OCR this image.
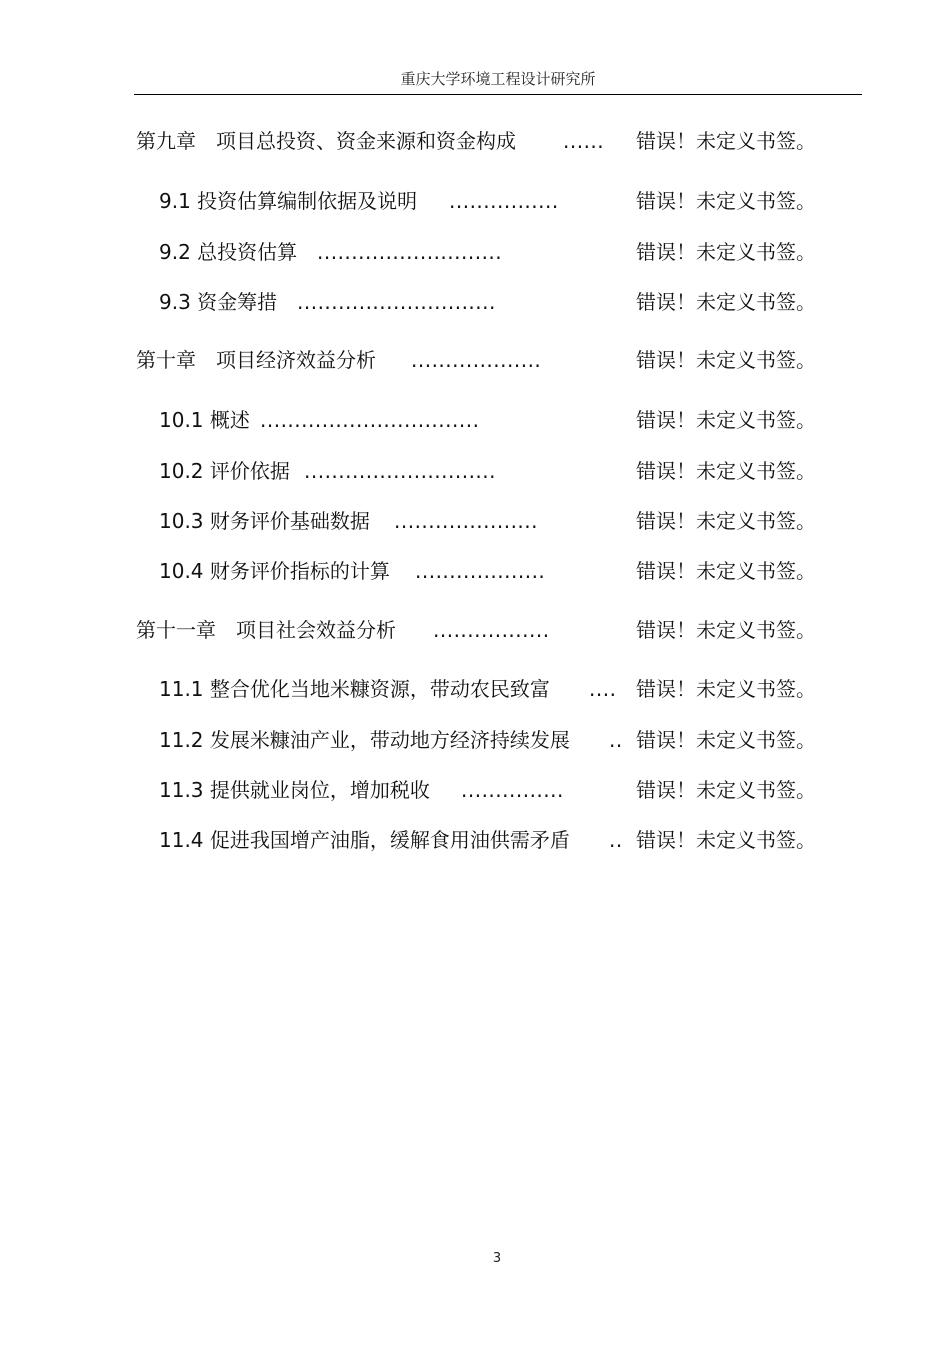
重庆大学环境工程设计研究所
第九章 项目总投资、资金来源和资金构成 ...... 错误！未定义书签。
9.1 投资估算编制依据及说明 ................	错误！未定义书签。
9.2 总投资估算 ...........................	错误！未定义书签。
9.3 资金筹措 .............................	错误！未定义书签。
第十章 项目经济效益分析 ...................	错误！未定义书签。
10.1 概述 ................................	错误！未定义书签。
10.2 评价依据 ............................	错误！未定义书签。
10.3 财务评价基础数据 .....................	错误！未定义书签。
10.4 财务评价指标的计算 ...................	错误！未定义书签。
第十一章 项目社会效益分析 .................	错误！未定义书签。
11.1 整合优化当地米糠资源，带动农民致富 .... 错误！未定义书签。
11.2 发展米糠油产业，带动地方经济持续发展 .. 错误！未定义书签。
11.3 提供就业岗位，增加税收 ...............	错误！未定义书签。
11.4 促进我国增产油脂，缓解食用油供需矛盾 .. 错误！未定义书签。
3
